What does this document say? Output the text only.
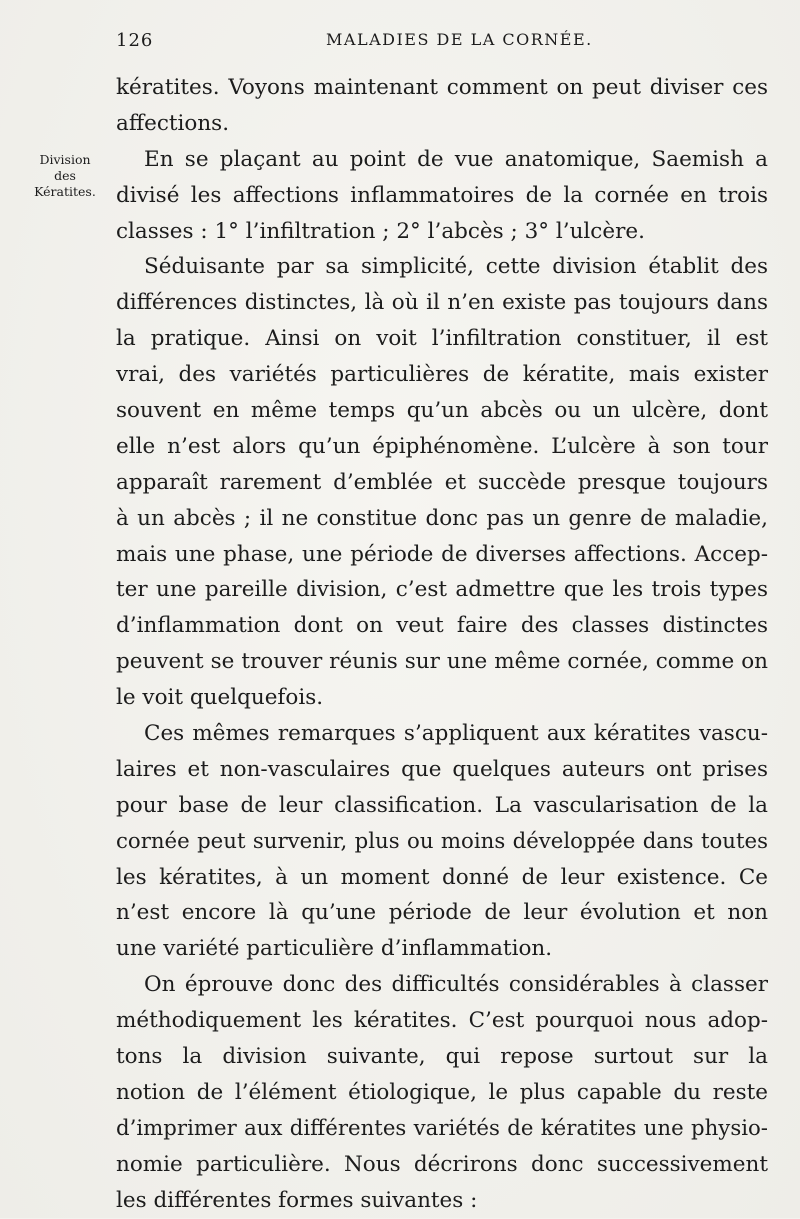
126	MALADIES DE LA CORNÉE.
Division
des
Kératites.
kératites. Voyons maintenant comment on peut diviser ces
affections.
En se plaçant au point de vue anatomique, Saemish a
divisé les affections inflammatoires de la cornée en trois
classes : 1° l’infiltration ; 2° l’abcès ; 3° l’ulcère.
Séduisante par sa simplicité, cette division établit des
différences distinctes, là où il n’en existe pas toujours dans
la pratique. Ainsi on voit l’infiltration constituer, il est
vrai, des variétés particulières de kératite, mais exister
souvent en même temps qu’un abcès ou un ulcère, dont
elle n’est alors qu’un épiphénomène. L’ulcère à son tour
apparaît rarement d’emblée et succède presque toujours
à un abcès ; il ne constitue donc pas un genre de maladie,
mais une phase, une période de diverses affections. Accep-
ter une pareille division, c’est admettre que les trois types
d’inflammation dont on veut faire des classes distinctes
peuvent se trouver réunis sur une même cornée, comme on
le voit quelquefois.
Ces mêmes remarques s’appliquent aux kératites vascu-
laires et non-vasculaires que quelques auteurs ont prises
pour base de leur classification. La vascularisation de la
cornée peut survenir, plus ou moins développée dans toutes
les kératites, à un moment donné de leur existence. Ce
n’est encore là qu’une période de leur évolution et non
une variété particulière d’inflammation.
On éprouve donc des difficultés considérables à classer
méthodiquement les kératites. C’est pourquoi nous adop-
tons la division suivante, qui repose surtout sur la
notion de l’élément étiologique, le plus capable du reste
d’imprimer aux différentes variétés de kératites une physio-
nomie particulière. Nous décrirons donc successivement
les différentes formes suivantes :
